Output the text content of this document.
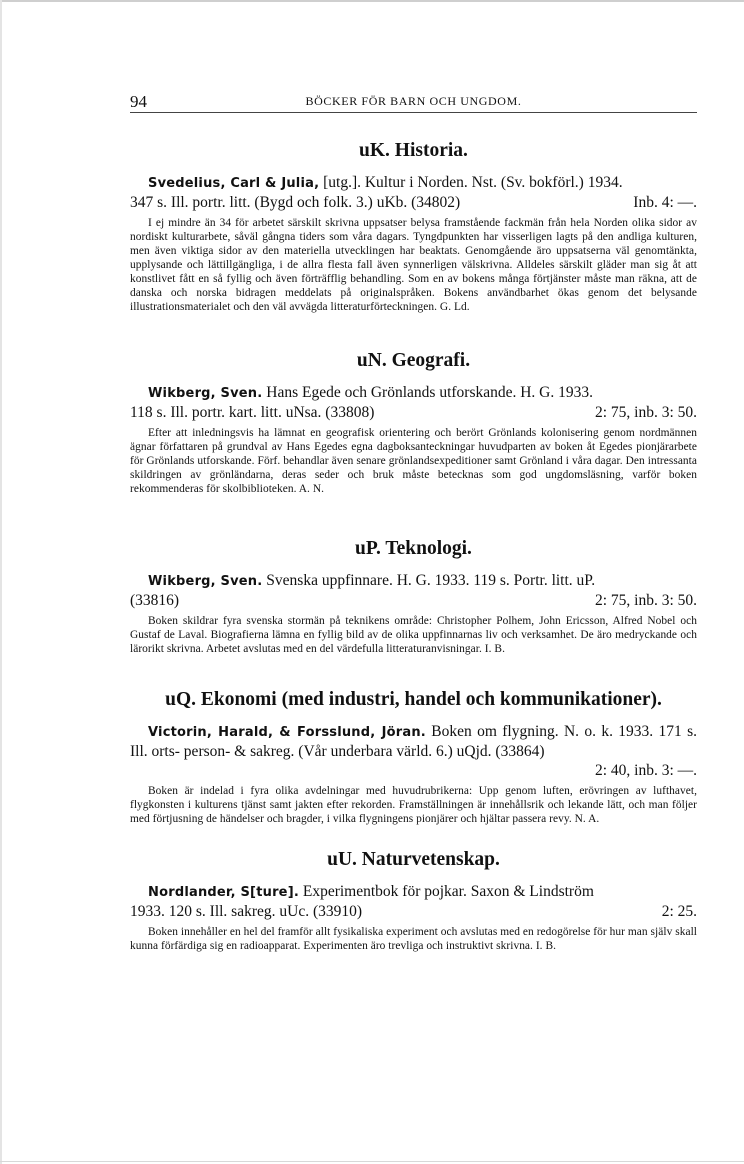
94	BÖCKER FÖR BARN OCH UNGDOM.
uK. Historia.

Svedelius, Carl & Julia, [utg.]. Kultur i Norden. Nst. (Sv. bokförl.) 1934.

347 s. Ill. portr. litt. (Bygd och folk. 3.) uKb. (34802)	Inb. 4: —.

I ej mindre än 34 för arbetet särskilt skrivna uppsatser belysa framstående fackmän från hela Norden olika sidor av nordiskt kulturarbete, såväl gångna tiders som våra dagars. Tyngdpunkten har visserligen lagts på den andliga kulturen, men även viktiga sidor av den materiella utvecklingen har beaktats. Genomgående äro uppsatserna väl genomtänkta, upplysande och lättillgängliga, i de allra flesta fall även synnerligen välskrivna. Alldeles särskilt gläder man sig åt att konstlivet fått en så fyllig och även förträfflig behandling. Som en av bokens många förtjänster måste man räkna, att de danska och norska bidragen meddelats på originalspråken. Bokens användbarhet ökas genom det belysande illustrationsmaterialet och den väl avvägda litteraturförteckningen. G. Ld.

uN. Geografi.

Wikberg, Sven. Hans Egede och Grönlands utforskande. H. G. 1933.

118 s. Ill. portr. kart. litt. uNsa. (33808)	2: 75, inb. 3: 50.

Efter att inledningsvis ha lämnat en geografisk orientering och berört Grönlands kolonisering genom nordmännen ägnar författaren på grundval av Hans Egedes egna dagboksanteckningar huvudparten av boken åt Egedes pionjärarbete för Grönlands utforskande. Förf. behandlar även senare grönlandsexpeditioner samt Grönland i våra dagar. Den intressanta skildringen av grönländarna, deras seder och bruk måste betecknas som god ungdomsläsning, varför boken rekommenderas för skolbiblioteken. A. N.

uP. Teknologi.

Wikberg, Sven. Svenska uppfinnare. H. G. 1933. 119 s. Portr. litt. uP.

(33816)	2: 75, inb. 3: 50.

Boken skildrar fyra svenska stormän på teknikens område: Christopher Polhem, John Ericsson, Alfred Nobel och Gustaf de Laval. Biografierna lämna en fyllig bild av de olika uppfinnarnas liv och verksamhet. De äro medryckande och lärorikt skrivna. Arbetet avslutas med en del värdefulla litteraturanvisningar. I. B.

uQ. Ekonomi (med industri, handel och kommunikationer).

Victorin, Harald, & Forsslund, Jöran. Boken om flygning. N. o. k. 1933. 171 s. Ill. orts- person- & sakreg. (Vår underbara värld. 6.) uQjd. (33864)

2: 40, inb. 3: —.

Boken är indelad i fyra olika avdelningar med huvudrubrikerna: Upp genom luften, erövringen av lufthavet, flygkonsten i kulturens tjänst samt jakten efter rekorden. Framställningen är innehållsrik och lekande lätt, och man följer med förtjusning de händelser och bragder, i vilka flygningens pionjärer och hjältar passera revy. N. A.

uU. Naturvetenskap.

Nordlander, S[ture]. Experimentbok för pojkar. Saxon & Lindström

1933. 120 s. Ill. sakreg. uUc. (33910)	2: 25.

Boken innehåller en hel del framför allt fysikaliska experiment och avslutas med en redogörelse för hur man själv skall kunna förfärdiga sig en radioapparat. Experimenten äro trevliga och instruktivt skrivna. I. B.
